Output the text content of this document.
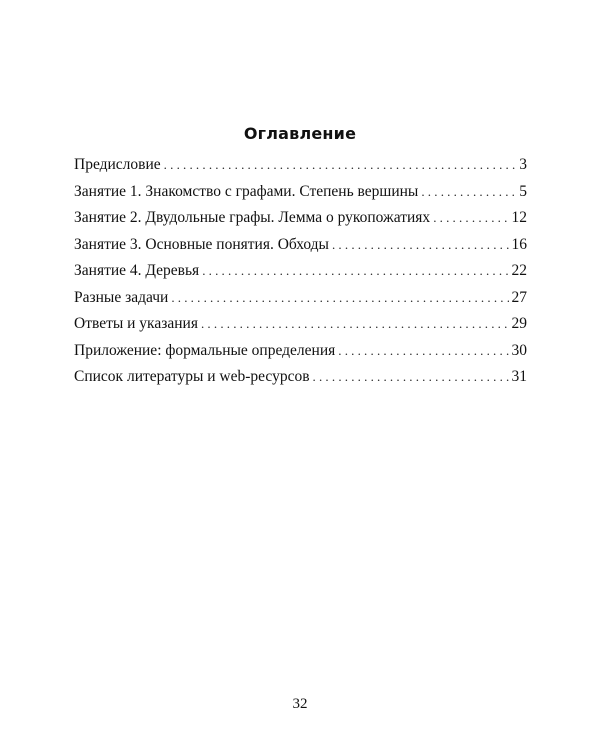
Оглавление
Предисловие .....	3
Занятие 1. Знакомство с графами. Степень вершины .....	5
Занятие 2. Двудольные графы. Лемма о рукопожатиях .....	12
Занятие 3. Основные понятия. Обходы .....	16
Занятие 4. Деревья .....	22
Разные задачи .....	27
Ответы и указания .....	29
Приложение: формальные определения .....	30
Список литературы и web-ресурсов .....	31
32
